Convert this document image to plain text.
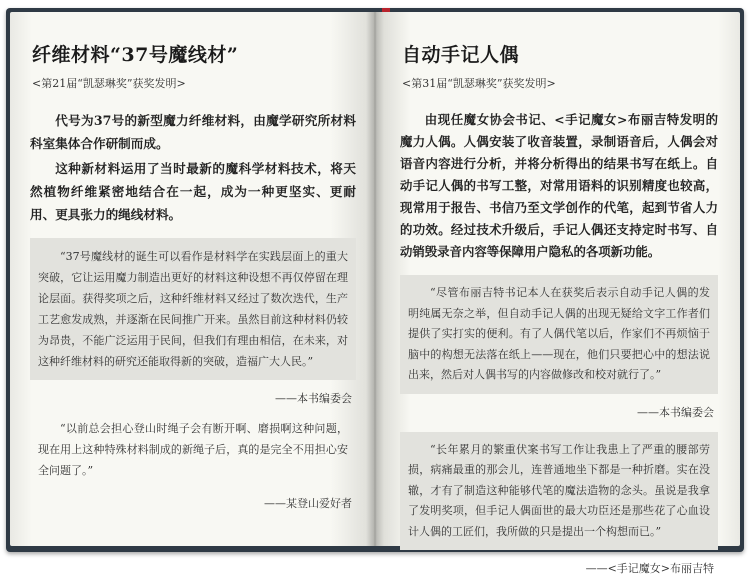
纤维材料“37号魔线材”
<第21届“凯瑟琳奖”获奖发明>

代号为37号的新型魔力纤维材料，由魔学研究所材料科室集体合作研制而成。

这种新材料运用了当时最新的魔科学材料技术，将天然植物纤维紧密地结合在一起，成为一种更坚实、更耐用、更具张力的绳线材料。

“37号魔线材的诞生可以看作是材料学在实践层面上的重大突破，它让运用魔力制造出更好的材料这种设想不再仅停留在理论层面。获得奖项之后，这种纤维材料又经过了数次迭代，生产工艺愈发成熟，并逐渐在民间推广开来。虽然目前这种材料仍较为昂贵，不能广泛运用于民间，但我们有理由相信，在未来，对这种纤维材料的研究还能取得新的突破，造福广大人民。”
——本书编委会
“以前总会担心登山时绳子会有断开啊、磨损啊这种问题，现在用上这种特殊材料制成的新绳子后，真的是完全不用担心安全问题了。”
——某登山爱好者
自动手记人偶
<第31届“凯瑟琳奖”获奖发明>

由现任魔女协会书记、<手记魔女>布丽吉特发明的魔力人偶。人偶安装了收音装置，录制语音后，人偶会对语音内容进行分析，并将分析得出的结果书写在纸上。自动手记人偶的书写工整，对常用语料的识别精度也较高，现常用于报告、书信乃至文学创作的代笔，起到节省人力的功效。经过技术升级后，手记人偶还支持定时书写、自动销毁录音内容等保障用户隐私的各项新功能。

“尽管布丽吉特书记本人在获奖后表示自动手记人偶的发明纯属无奈之举，但自动手记人偶的出现无疑给文字工作者们提供了实打实的便利。有了人偶代笔以后，作家们不再烦恼于脑中的构想无法落在纸上——现在，他们只要把心中的想法说出来，然后对人偶书写的内容做修改和校对就行了。”
——本书编委会
“长年累月的繁重伏案书写工作让我患上了严重的腰部劳损，病痛最重的那会儿，连普通地坐下都是一种折磨。实在没辙，才有了制造这种能够代笔的魔法造物的念头。虽说是我拿了发明奖项，但手记人偶面世的最大功臣还是那些花了心血设计人偶的工匠们，我所做的只是提出一个构想而已。”
——<手记魔女>布丽吉特
